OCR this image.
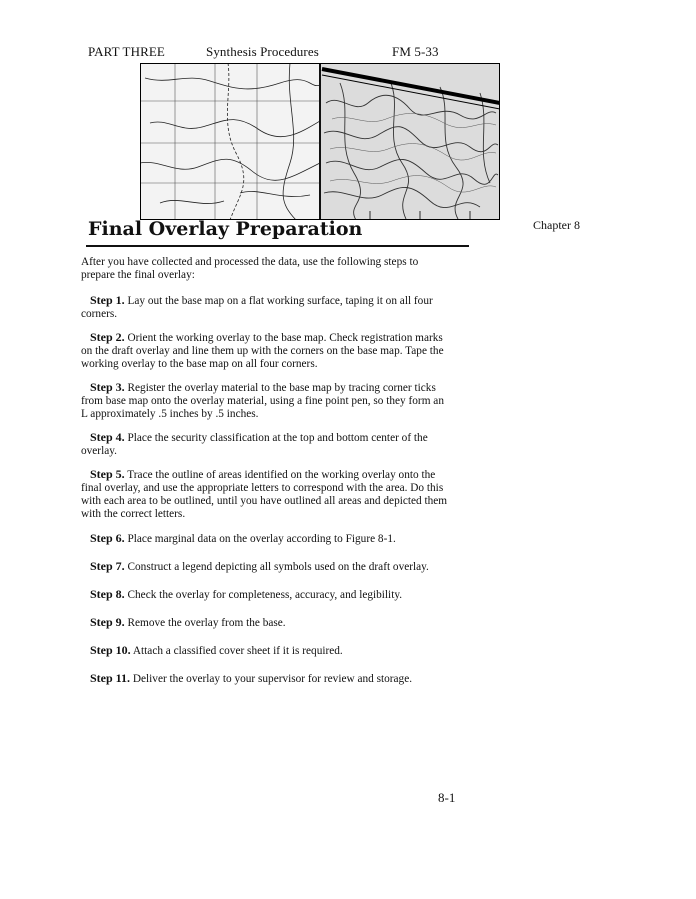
PART THREE	Synthesis Procedures	FM 5-33
Final Overlay Preparation	Chapter 8

After you have collected and processed the data, use the following steps to prepare the final overlay:

Step 1. Lay out the base map on a flat working surface, taping it on all four corners.

Step 2. Orient the working overlay to the base map. Check registration marks on the draft overlay and line them up with the corners on the base map. Tape the working overlay to the base map on all four corners.

Step 3. Register the overlay material to the base map by tracing corner ticks from base map onto the overlay material, using a fine point pen, so they form an L approximately .5 inches by .5 inches.

Step 4. Place the security classification at the top and bottom center of the overlay.

Step 5. Trace the outline of areas identified on the working overlay onto the final overlay, and use the appropriate letters to correspond with the area. Do this with each area to be outlined, until you have outlined all areas and depicted them with the correct letters.

Step 6. Place marginal data on the overlay according to Figure 8-1.

Step 7. Construct a legend depicting all symbols used on the draft overlay.

Step 8. Check the overlay for completeness, accuracy, and legibility.

Step 9. Remove the overlay from the base.

Step 10. Attach a classified cover sheet if it is required.

Step 11. Deliver the overlay to your supervisor for review and storage.

8-1
